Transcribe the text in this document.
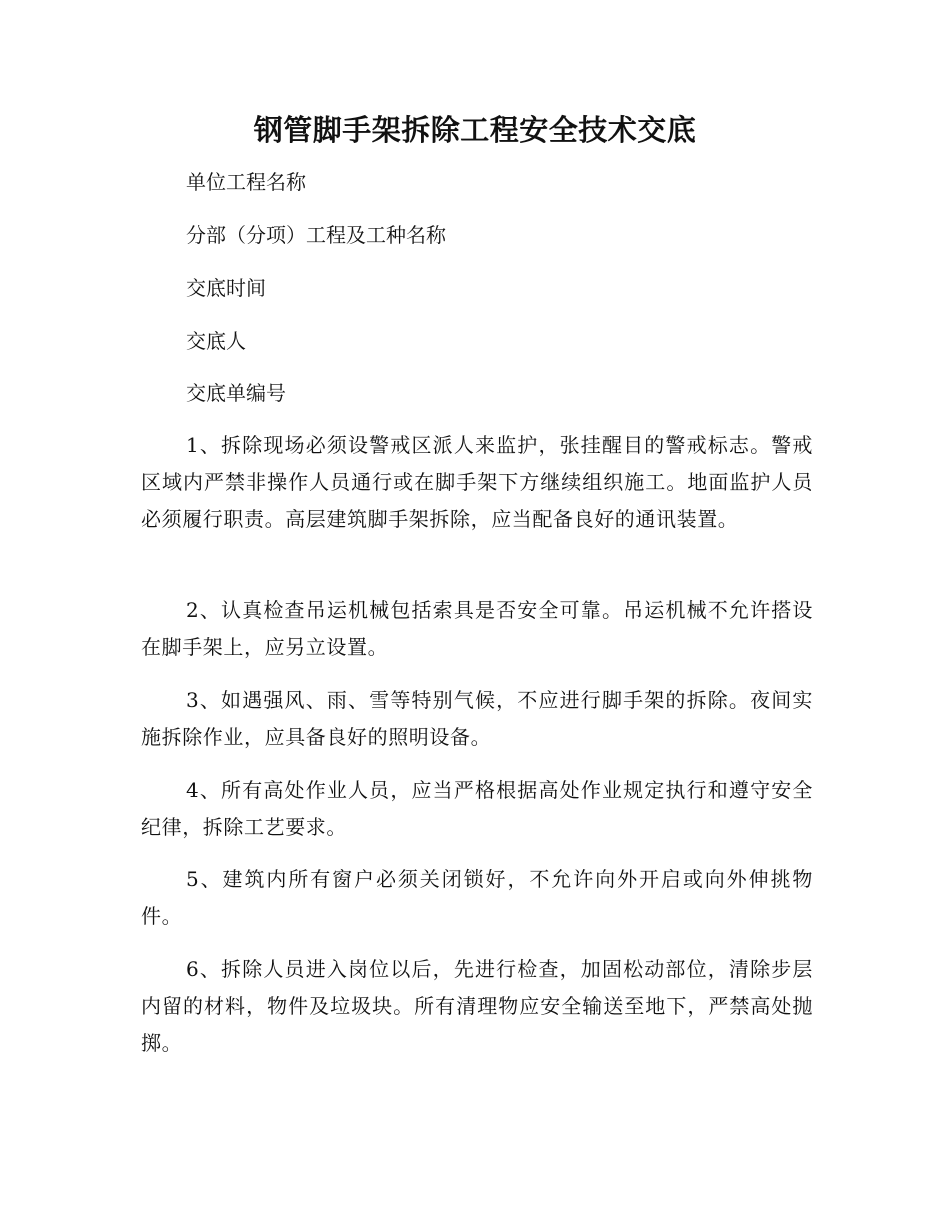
钢管脚手架拆除工程安全技术交底

单位工程名称

分部（分项）工程及工种名称

交底时间

交底人

交底单编号

1、拆除现场必须设警戒区派人来监护，张挂醒目的警戒标志。警戒区域内严禁非操作人员通行或在脚手架下方继续组织施工。地面监护人员必须履行职责。高层建筑脚手架拆除，应当配备良好的通讯装置。

2、认真检查吊运机械包括索具是否安全可靠。吊运机械不允许搭设在脚手架上，应另立设置。

3、如遇强风、雨、雪等特别气候，不应进行脚手架的拆除。夜间实施拆除作业，应具备良好的照明设备。

4、所有高处作业人员，应当严格根据高处作业规定执行和遵守安全纪律，拆除工艺要求。

5、建筑内所有窗户必须关闭锁好，不允许向外开启或向外伸挑物件。

6、拆除人员进入岗位以后，先进行检查，加固松动部位，清除步层内留的材料，物件及垃圾块。所有清理物应安全输送至地下，严禁高处抛掷。
